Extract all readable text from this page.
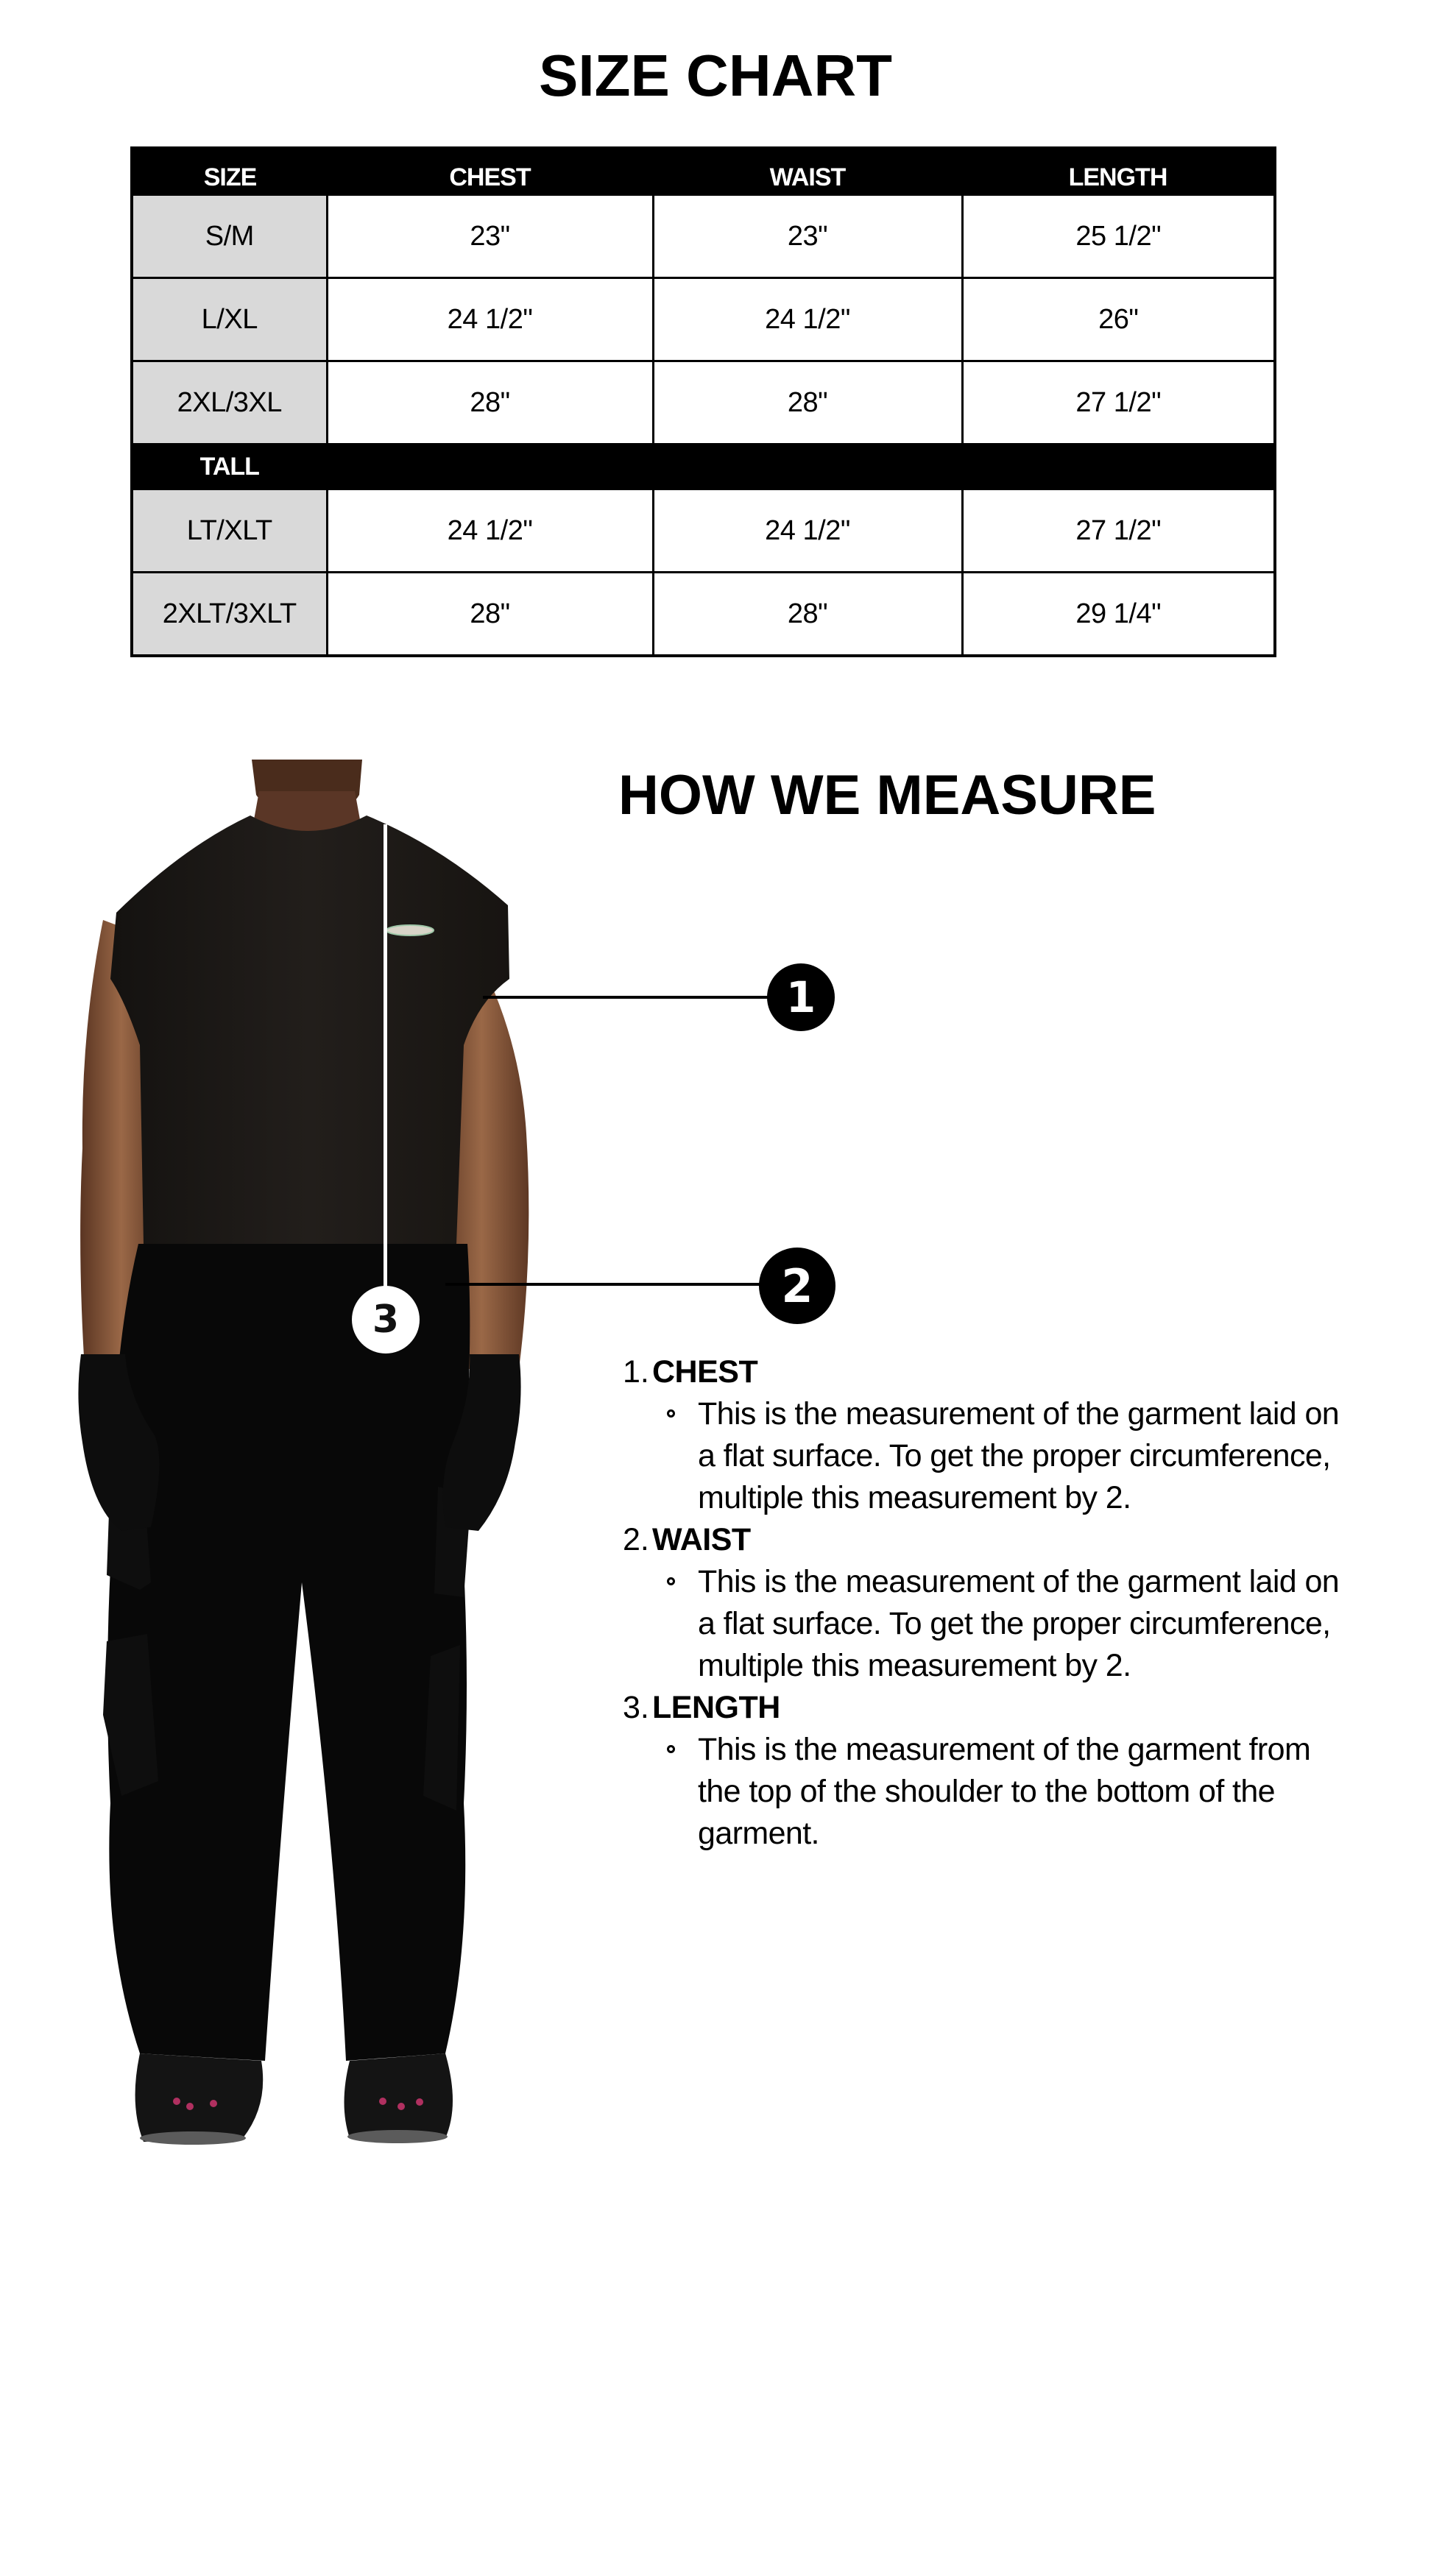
SIZE CHART
SIZE	CHEST	WAIST	LENGTH
S/M	23"	23"	25 1/2"
L/XL	24 1/2"	24 1/2"	26"
2XL/3XL	28"	28"	27 1/2"
TALL			
LT/XLT	24 1/2"	24 1/2"	27 1/2"
2XLT/3XLT	28"	28"	29 1/4"
HOW WE MEASURE
1
2
3
1. CHEST
This is the measurement of the garment laid on a flat surface. To get the proper circumference, multiple this measurement by 2.
2. WAIST
This is the measurement of the garment laid on a flat surface. To get the proper circumference, multiple this measurement by 2.
3. LENGTH
This is the measurement of the garment from the top of the shoulder to the bottom of the garment.
